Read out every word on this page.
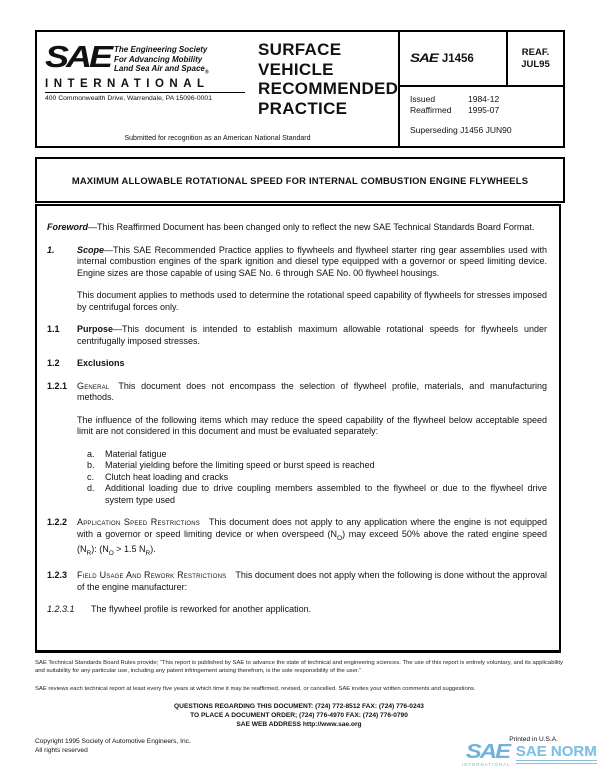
SAE The Engineering Society
For Advancing Mobility
Land Sea Air and Space$_®$
INTERNATIONAL
400 Commonwealth Drive, Warrendale, PA 15096-0001
SURFACE
VEHICLE
RECOMMENDED
PRACTICE
Submitted for recognition as an American National Standard
SAE J1456
REAF.
JUL95
Issued	1984-12
Reaffirmed	1995-07
Superseding J1456 JUN90
MAXIMUM ALLOWABLE ROTATIONAL SPEED FOR INTERNAL COMBUSTION ENGINE FLYWHEELS
Foreword—This Reaffirmed Document has been changed only to reflect the new SAE Technical Standards Board Format.
1.	Scope—This SAE Recommended Practice applies to flywheels and flywheel starter ring gear assemblies used with internal combustion engines of the spark ignition and diesel type equipped with a governor or speed limiting device. Engine sizes are those capable of using SAE No. 6 through SAE No. 00 flywheel housings.
This document applies to methods used to determine the rotational speed capability of flywheels for stresses imposed by centrifugal forces only.
1.1	Purpose—This document is intended to establish maximum allowable rotational speeds for flywheels under centrifugally imposed stresses.
1.2	Exclusions
1.2.1	General This document does not encompass the selection of flywheel profile, materials, and manufacturing methods.
The influence of the following items which may reduce the speed capability of the flywheel below acceptable speed limit are not considered in this document and must be evaluated separately:
a.	Material fatigue
b.	Material yielding before the limiting speed or burst speed is reached
c.	Clutch heat loading and cracks
d.	Additional loading due to drive coupling members assembled to the flywheel or due to the flywheel drive system type used
1.2.2	Application Speed Restrictions This document does not apply to any application where the engine is not equipped with a governor or speed limiting device or when overspeed $(N_O)$ may exceed 50% above the rated engine speed $(N_R)$: ($N_O > 1.5$ $N_R$).
1.2.3	Field Usage And Rework Restrictions This document does not apply when the following is done without the approval of the engine manufacturer:
1.2.3.1	The flywheel profile is reworked for another application.
SAE Technical Standards Board Rules provide; “This report is published by SAE to advance the state of technical and engineering sciences. The use of this report is entirely voluntary, and its applicability and suitability for any particular use, including any patent infringement arising therefrom, is the sole responsibility of the user.”
SAE reviews each technical report at least every five years at which time it may be reaffirmed, revised, or cancelled. SAE invites your written comments and suggestions.
QUESTIONS REGARDING THIS DOCUMENT: (724) 772-8512 FAX: (724) 776-0243
TO PLACE A DOCUMENT ORDER; (724) 776-4970 FAX: (724) 776-0790
SAE WEB ADDRESS http://www.sae.org
Copyright 1995 Society of Automotive Engineers, Inc.
All rights reserved
Printed in U.S.A.
SAE
INTERNATIONAL.
SAE NORM
